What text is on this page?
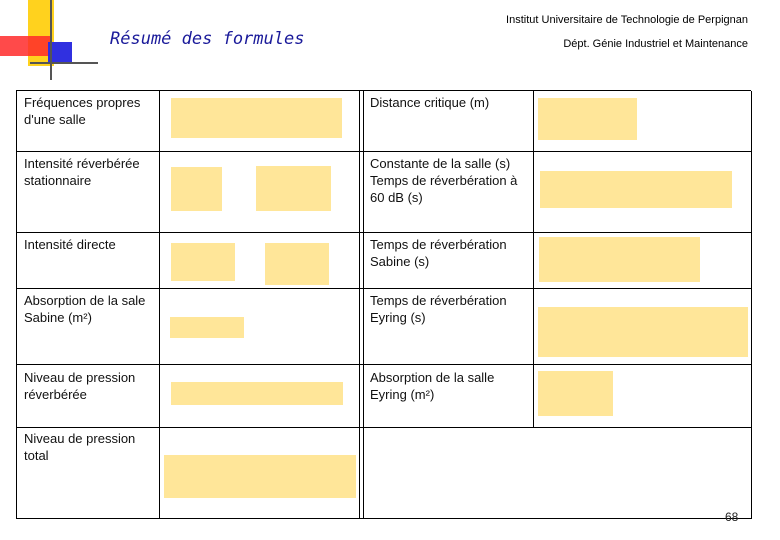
Résumé des formules
Institut Universitaire de Technologie de Perpignan
Dépt. Génie Industriel et Maintenance
Fréquences propres d'une salle
Intensité réverbérée stationnaire
Intensité directe
Absorption de la sale Sabine (m²)
Niveau de pression réverbérée
Niveau de pression total
Distance critique (m)
Constante de la salle (s) Temps de réverbération à 60 dB (s)
Temps de réverbération Sabine (s)
Temps de réverbération Eyring (s)
Absorption de la salle Eyring (m²)
68
